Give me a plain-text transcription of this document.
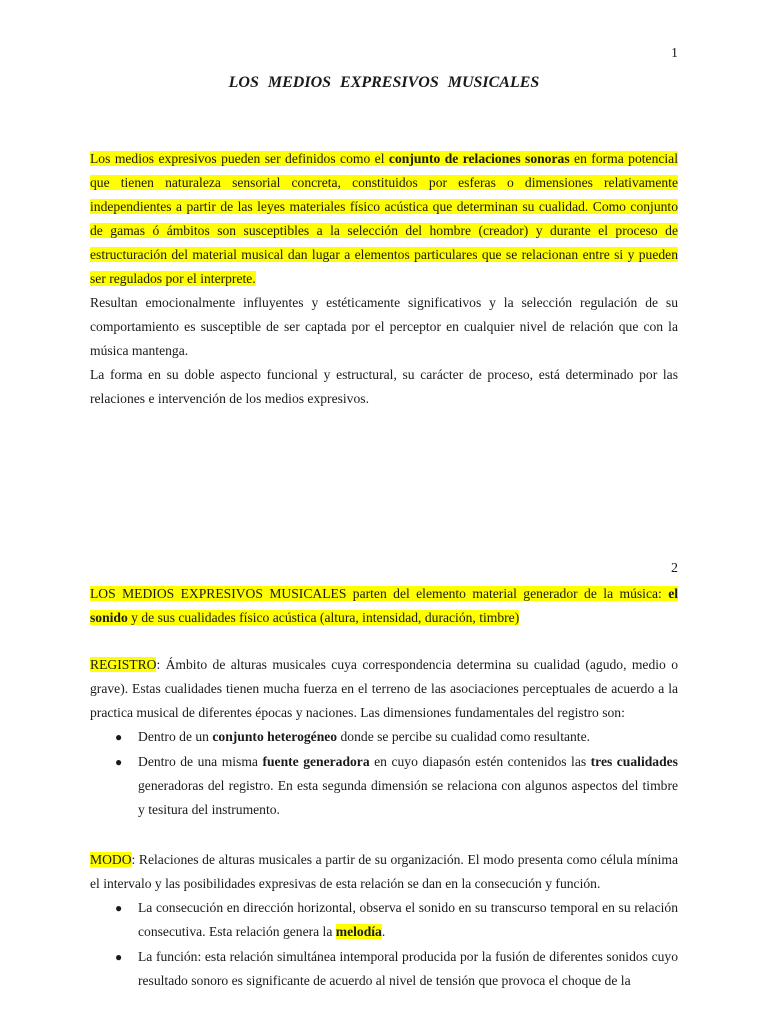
1
LOS MEDIOS EXPRESIVOS MUSICALES

Los medios expresivos pueden ser definidos como el conjunto de relaciones sonoras en forma potencial que tienen naturaleza sensorial concreta, constituidos por esferas o dimensiones relativamente independientes a partir de las leyes materiales físico acústica que determinan su cualidad. Como conjunto de gamas ó ámbitos son susceptibles a la selección del hombre (creador) y durante el proceso de estructuración del material musical dan lugar a elementos particulares que se relacionan entre si y pueden ser regulados por el interprete.

Resultan emocionalmente influyentes y estéticamente significativos y la selección regulación de su comportamiento es susceptible de ser captada por el perceptor en cualquier nivel de relación que con la música mantenga.

La forma en su doble aspecto funcional y estructural, su carácter de proceso, está determinado por las relaciones e intervención de los medios expresivos.

2

LOS MEDIOS EXPRESIVOS MUSICALES parten del elemento material generador de la música: el sonido y de sus cualidades físico acústica (altura, intensidad, duración, timbre)

REGISTRO: Ámbito de alturas musicales cuya correspondencia determina su cualidad (agudo, medio o grave). Estas cualidades tienen mucha fuerza en el terreno de las asociaciones perceptuales de acuerdo a la practica musical de diferentes épocas y naciones. Las dimensiones fundamentales del registro son:

● Dentro de un conjunto heterogéneo donde se percibe su cualidad como resultante.
● Dentro de una misma fuente generadora en cuyo diapasón estén contenidos las tres cualidades generadoras del registro. En esta segunda dimensión se relaciona con algunos aspectos del timbre y tesitura del instrumento.

MODO: Relaciones de alturas musicales a partir de su organización. El modo presenta como célula mínima el intervalo y las posibilidades expresivas de esta relación se dan en la consecución y función.

● La consecución en dirección horizontal, observa el sonido en su transcurso temporal en su relación consecutiva. Esta relación genera la melodía.
● La función: esta relación simultánea intemporal producida por la fusión de diferentes sonidos cuyo resultado sonoro es significante de acuerdo al nivel de tensión que provoca el choque de la
